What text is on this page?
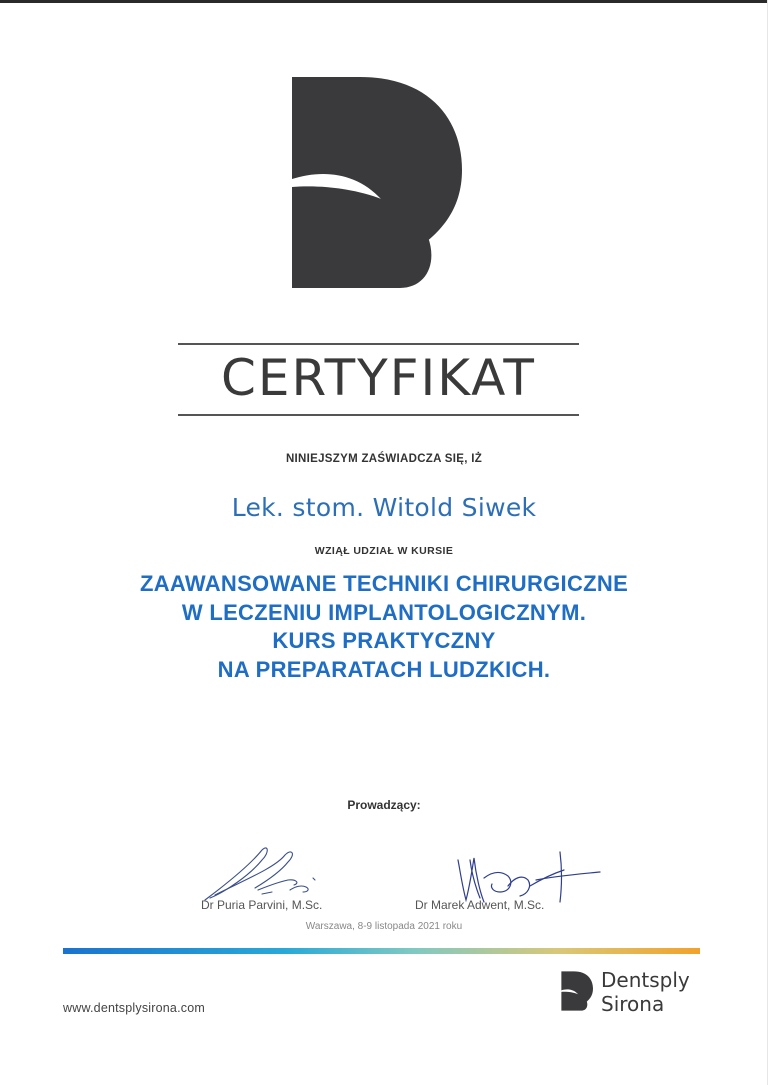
CERTYFIKAT
NINIEJSZYM ZAŚWIADCZA SIĘ, IŻ
Lek. stom. Witold Siwek
WZIĄŁ UDZIAŁ W KURSIE
ZAAWANSOWANE TECHNIKI CHIRURGICZNE
W LECZENIU IMPLANTOLOGICZNYM.
KURS PRAKTYCZNY
NA PREPARATACH LUDZKICH.
Prowadzący:
Dr Puria Parvini, M.Sc.	Dr Marek Adwent, M.Sc.
Warszawa, 8-9 listopada 2021 roku
www.dentsplysirona.com
Dentsply
Sirona
